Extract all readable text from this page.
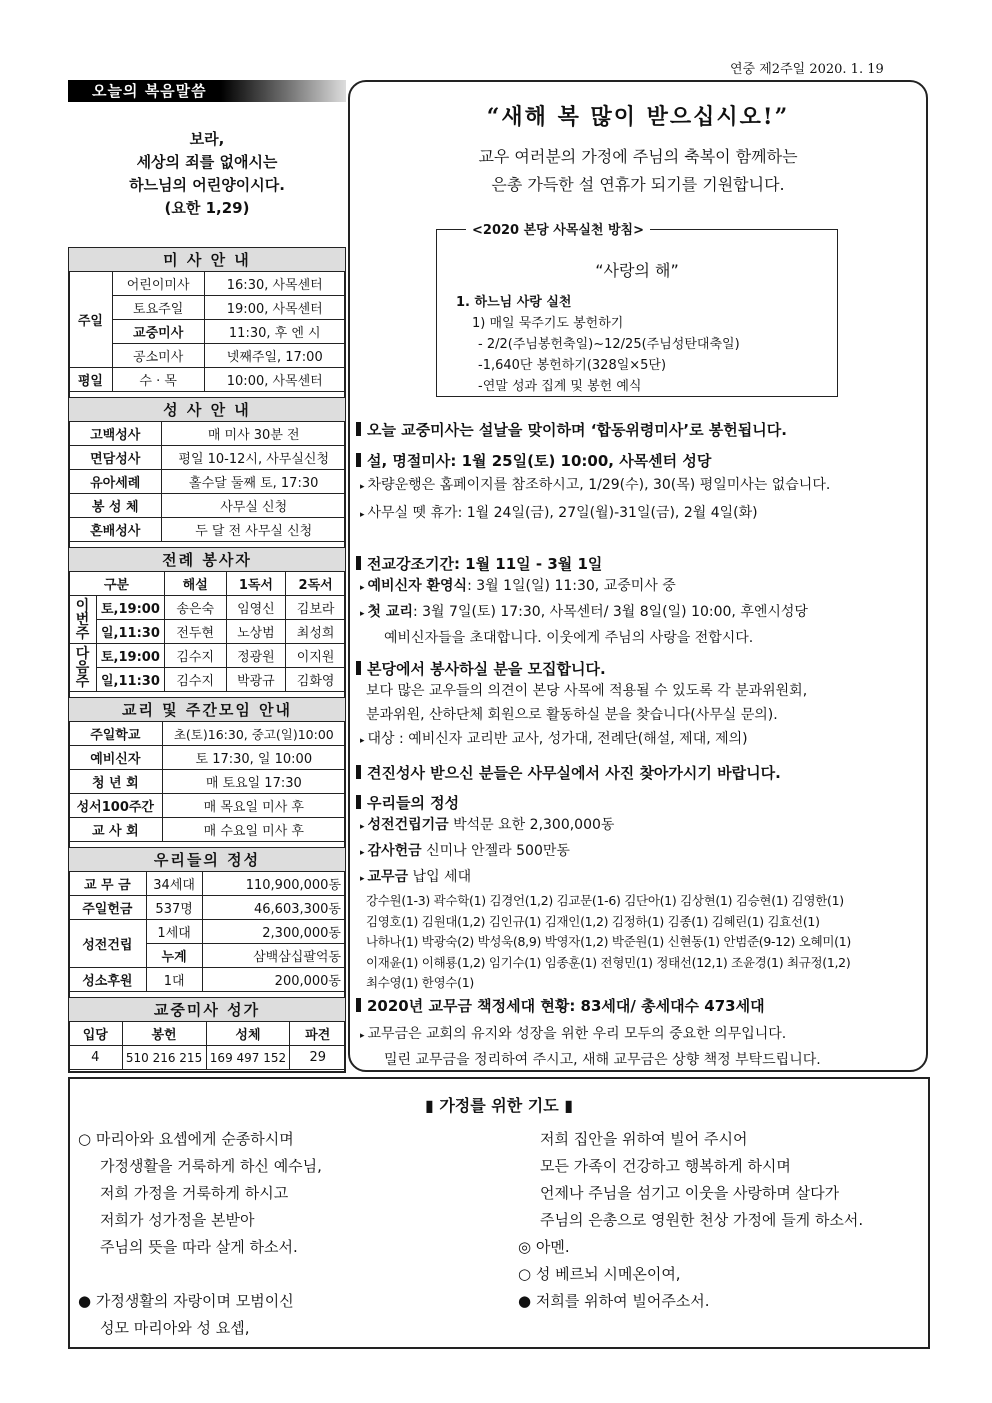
연중 제2주일 2020. 1. 19
오늘의 복음말씀
보라,
세상의 죄를 없애시는
하느님의 어린양이시다.
(요한 1,29)
미 사 안 내		
주일	어린이미사	16:30, 사목센터
	토요주일	19:00, 사목센터
	교중미사	11:30, 후 엔 시
	공소미사	넷째주일, 17:00
평일	수 · 목	10:00, 사목센터
성 사 안 내	
고백성사	매 미사 30분 전
면담성사	평일 10-12시, 사무실신청
유아세례	홀수달 둘째 토, 17:30
봉 성 체	사무실 신청
혼배성사	두 달 전 사무실 신청
전례 봉사자				
구분		해설	1독서	2독서
이번주	토,19:00	송은숙	임영신	김보라
	일,11:30	전두현	노상범	최성희
다음주	토,19:00	김수지	정광원	이지원
	일,11:30	김수지	박광규	김화영
교리 및 주간모임 안내	
주일학교	초(토)16:30, 중고(일)10:00
예비신자	토 17:30, 일 10:00
청 년 회	매 토요일 17:30
성서100주간	매 목요일 미사 후
교 사 회	매 수요일 미사 후
우리들의 정성		
교 무 금	34세대	110,900,000동
주일헌금	537명	46,603,300동
성전건립	1세대	2,300,000동
	누계	삼백삼십팔억동
성소후원	1대	200,000동
교중미사 성가			
입당	봉헌	성체	파견
4	510 216 215	169 497 152	29
“새해 복 많이 받으십시오!”
교우 여러분의 가정에 주님의 축복이 함께하는
은총 가득한 설 연휴가 되기를 기원합니다.
<2020 본당 사목실천 방침>
“사랑의 해”
1. 하느님 사랑 실천
1) 매일 묵주기도 봉헌하기
- 2/2(주님봉헌축일)~12/25(주님성탄대축일)
-1,640단 봉헌하기(328일×5단)
-연말 성과 집계 및 봉헌 예식
오늘 교중미사는 설날을 맞이하며 ‘합동위령미사’로 봉헌됩니다.
설, 명절미사: 1월 25일(토) 10:00, 사목센터 성당
▸ 차량운행은 홈페이지를 참조하시고, 1/29(수), 30(목) 평일미사는 없습니다.
▸ 사무실 뗏 휴가: 1월 24일(금), 27일(월)-31일(금), 2월 4일(화)
전교강조기간: 1월 11일 - 3월 1일
▸ 예비신자 환영식: 3월 1일(일) 11:30, 교중미사 중
▸ 첫 교리: 3월 7일(토) 17:30, 사목센터/ 3월 8일(일) 10:00, 후엔시성당
예비신자들을 초대합니다. 이웃에게 주님의 사랑을 전합시다.
본당에서 봉사하실 분을 모집합니다.
보다 많은 교우들의 의견이 본당 사목에 적용될 수 있도록 각 분과위원회,
분과위원, 산하단체 회원으로 활동하실 분을 찾습니다(사무실 문의).
▸ 대상 : 예비신자 교리반 교사, 성가대, 전례단(해설, 제대, 제의)
견진성사 받으신 분들은 사무실에서 사진 찾아가시기 바랍니다.
우리들의 정성
▸ 성전건립기금 박석문 요한 2,300,000동
▸ 감사헌금 신미나 안젤라 500만동
▸ 교무금 납입 세대
강수원(1-3) 곽수학(1) 김경언(1,2) 김교문(1-6) 김단아(1) 김상현(1) 김승현(1) 김영한(1)
김영호(1) 김원대(1,2) 김인규(1) 김재인(1,2) 김정하(1) 김종(1) 김혜린(1) 김효선(1)
나하나(1) 박광숙(2) 박성욱(8,9) 박영자(1,2) 박준원(1) 신현동(1) 안범준(9-12) 오혜미(1)
이재윤(1) 이해룡(1,2) 임기수(1) 임종훈(1) 전형민(1) 정태선(12,1) 조윤경(1) 최규정(1,2)
최수영(1) 한영수(1)
2020년 교무금 책정세대 현황: 83세대/ 총세대수 473세대
▸ 교무금은 교회의 유지와 성장을 위한 우리 모두의 중요한 의무입니다.
밀린 교무금을 정리하여 주시고, 새해 교무금은 상향 책정 부탁드립니다.
▮ 가정를 위한 기도 ▮
○ 마리아와 요셉에게 순종하시며
가정생활을 거룩하게 하신 예수님,
저희 가정을 거룩하게 하시고
저희가 성가정을 본받아
주님의 뜻을 따라 살게 하소서.
● 가정생활의 자랑이며 모범이신
성모 마리아와 성 요셉,
저희 집안을 위하여 빌어 주시어
모든 가족이 건강하고 행복하게 하시며
언제나 주님을 섬기고 이웃을 사랑하며 살다가
주님의 은총으로 영원한 천상 가정에 들게 하소서.
◎ 아멘.
○ 성 베르뇌 시메온이여,
● 저희를 위하여 빌어주소서.
